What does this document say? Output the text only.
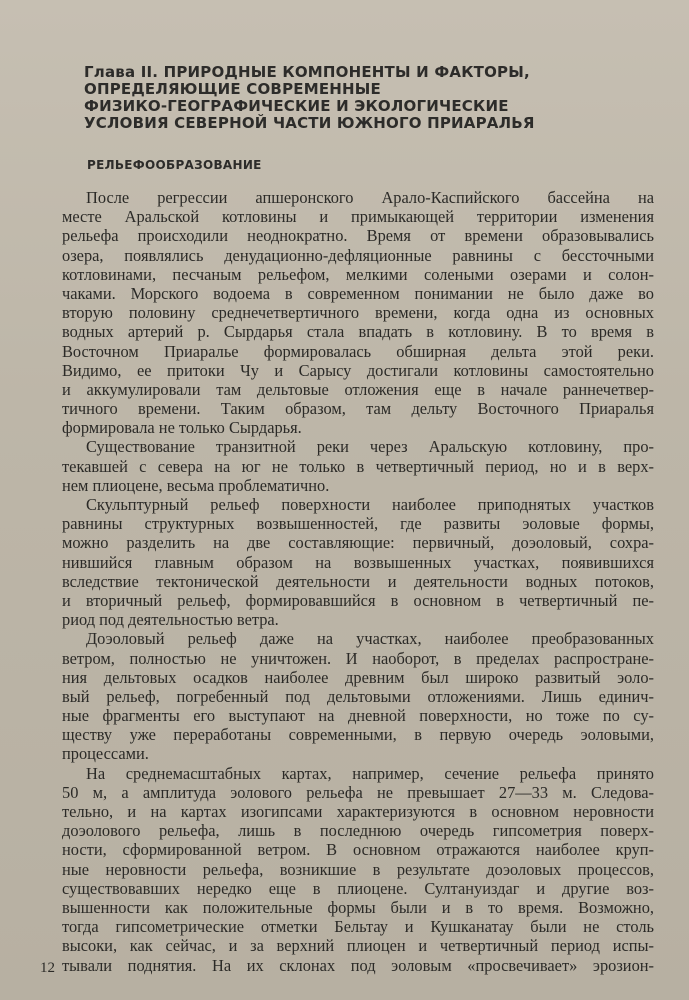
Глава II. ПРИРОДНЫЕ КОМПОНЕНТЫ И ФАКТОРЫ,
ОПРЕДЕЛЯЮЩИЕ СОВРЕМЕННЫЕ
ФИЗИКО-ГЕОГРАФИЧЕСКИЕ И ЭКОЛОГИЧЕСКИЕ
УСЛОВИЯ СЕВЕРНОЙ ЧАСТИ ЮЖНОГО ПРИАРАЛЬЯ
РЕЛЬЕФООБРАЗОВАНИЕ
После регрессии апшеронского Арало-Каспийского бассейна на
месте Аральской котловины и примыкающей территории изменения
рельефа происходили неоднократно. Время от времени образовывались
озера, появлялись денудационно-дефляционные равнины с бессточными
котловинами, песчаным рельефом, мелкими солеными озерами и солон-
чаками. Морского водоема в современном понимании не было даже во
вторую половину среднечетвертичного времени, когда одна из основных
водных артерий р. Сырдарья стала впадать в котловину. В то время в
Восточном Приаралье формировалась обширная дельта этой реки.
Видимо, ее притоки Чу и Сарысу достигали котловины самостоятельно
и аккумулировали там дельтовые отложения еще в начале раннечетвер-
тичного времени. Таким образом, там дельту Восточного Приаралья
формировала не только Сырдарья.
Существование транзитной реки через Аральскую котловину, про-
текавшей с севера на юг не только в четвертичный период, но и в верх-
нем плиоцене, весьма проблематично.
Скульптурный рельеф поверхности наиболее приподнятых участков
равнины структурных возвышенностей, где развиты эоловые формы,
можно разделить на две составляющие: первичный, доэоловый, сохра-
нившийся главным образом на возвышенных участках, появившихся
вследствие тектонической деятельности и деятельности водных потоков,
и вторичный рельеф, формировавшийся в основном в четвертичный пе-
риод под деятельностью ветра.
Доэоловый рельеф даже на участках, наиболее преобразованных
ветром, полностью не уничтожен. И наоборот, в пределах распростране-
ния дельтовых осадков наиболее древним был широко развитый эоло-
вый рельеф, погребенный под дельтовыми отложениями. Лишь единич-
ные фрагменты его выступают на дневной поверхности, но тоже по су-
ществу уже переработаны современными, в первую очередь эоловыми,
процессами.
На среднемасштабных картах, например, сечение рельефа принято
50 м, а амплитуда эолового рельефа не превышает 27—33 м. Следова-
тельно, и на картах изогипсами характеризуются в основном неровности
доэолового рельефа, лишь в последнюю очередь гипсометрия поверх-
ности, сформированной ветром. В основном отражаются наиболее круп-
ные неровности рельефа, возникшие в результате доэоловых процессов,
существовавших нередко еще в плиоцене. Султануиздаг и другие воз-
вышенности как положительные формы были и в то время. Возможно,
тогда гипсометрические отметки Бельтау и Кушканатау были не столь
высоки, как сейчас, и за верхний плиоцен и четвертичный период испы-
тывали поднятия. На их склонах под эоловым «просвечивает» эрозион-
12
